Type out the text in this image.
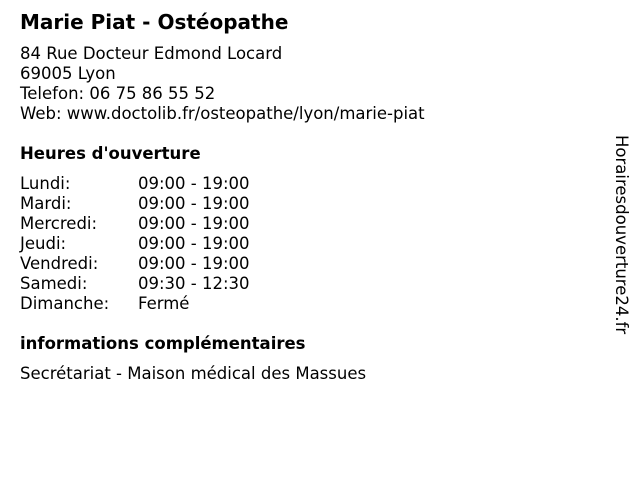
Marie Piat - Ostéopathe
84 Rue Docteur Edmond Locard
69005 Lyon
Telefon: 06 75 86 55 52
Web: www.doctolib.fr/osteopathe/lyon/marie-piat
Heures d'ouverture
Lundi:	09:00 - 19:00
Mardi:	09:00 - 19:00
Mercredi: 09:00 - 19:00
Jeudi:	09:00 - 19:00
Vendredi: 09:00 - 19:00
Samedi:	09:30 - 12:30
Dimanche: Fermé
informations complémentaires
Secrétariat - Maison médical des Massues
Horairesdouverture24.fr
